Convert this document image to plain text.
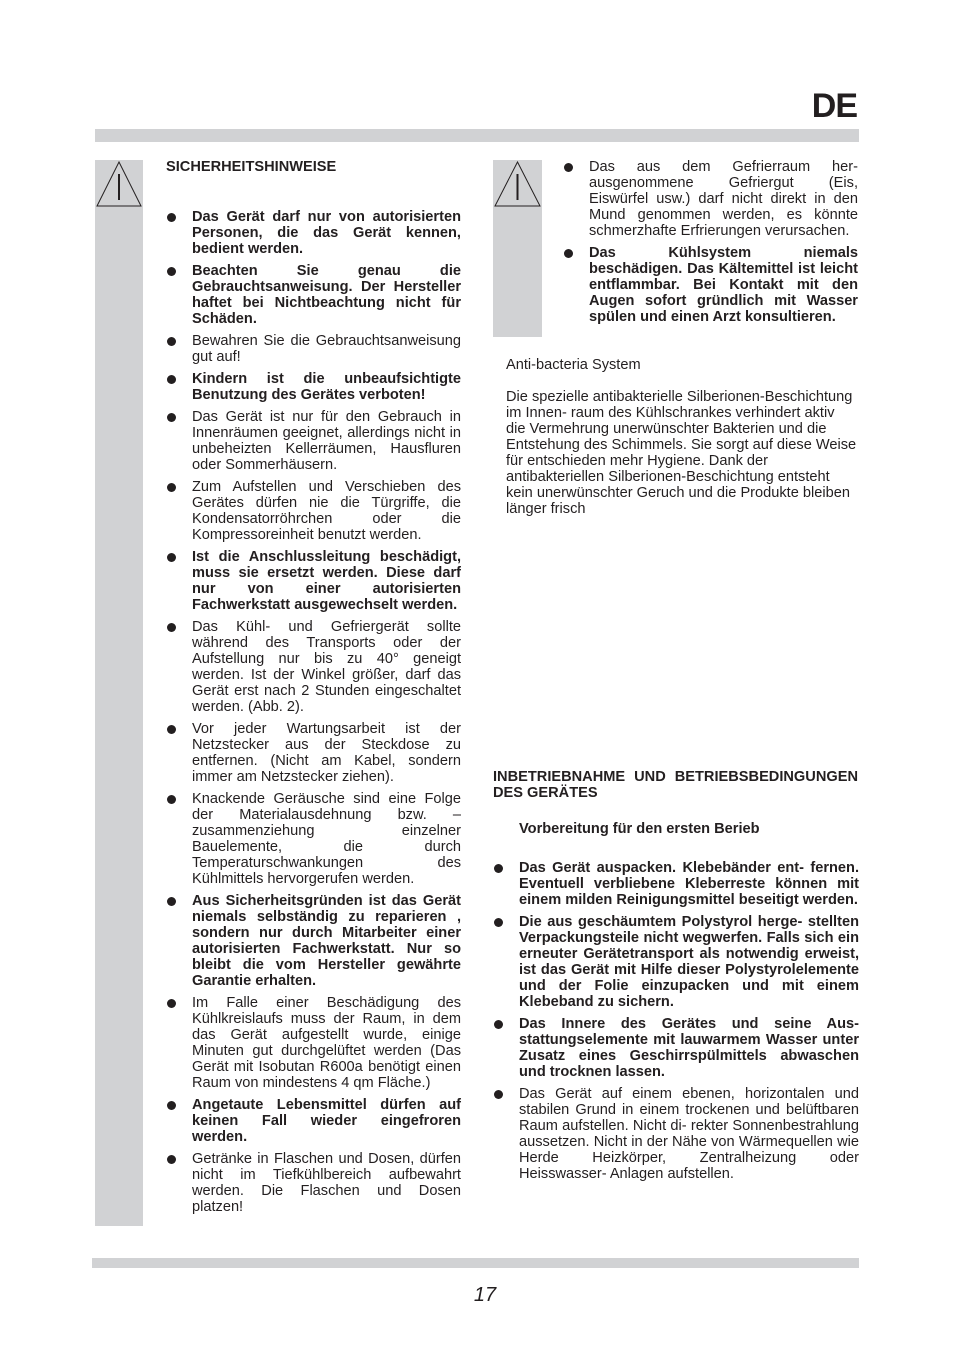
DE
SICHERHEITSHINWEISE
Das Gerät darf nur von autorisierten Personen, die das Gerät kennen, bedient werden.
Beachten Sie genau die Gebrauchtsanweisung. Der Hersteller haftet bei Nichtbeachtung nicht für Schäden.
Bewahren Sie die Gebrauchtsanweisung gut auf!
Kindern ist die unbeaufsichtigte Benutzung des Gerätes verboten!
Das Gerät ist nur für den Gebrauch in Innenräumen geeignet, allerdings nicht in unbeheizten Kellerräumen, Hausfluren oder Sommerhäusern.
Zum Aufstellen und Verschieben des Gerätes dürfen nie die Türgriffe, die Kondensatorröhrchen oder die Kompressoreinheit benutzt werden.
Ist die Anschlussleitung beschädigt, muss sie ersetzt werden. Diese darf nur von einer autorisierten Fachwerkstatt ausgewechselt werden.
Das Kühl- und Gefriergerät sollte während des Transports oder der Aufstellung nur bis zu 40° geneigt werden. Ist der Winkel größer, darf das Gerät erst nach 2 Stunden eingeschaltet werden. (Abb. 2).
Vor jeder Wartungsarbeit ist der Netzstecker aus der Steckdose zu entfernen. (Nicht am Kabel, sondern immer am Netzstecker ziehen).
Knackende Geräusche sind eine Folge der Materialausdehnung bzw. –zusammenziehung einzelner Bauelemente, die durch Temperaturschwankungen des Kühlmittels hervorgerufen werden.
Aus Sicherheitsgründen ist das Gerät niemals selbständig zu reparieren , sondern nur durch Mitarbeiter einer autorisierten Fachwerkstatt. Nur so bleibt die vom Hersteller gewährte Garantie erhalten.
Im Falle einer Beschädigung des Kühlkreislaufs muss der Raum, in dem das Gerät aufgestellt wurde, einige Minuten gut durchgelüftet werden (Das Gerät mit Isobutan R600a benötigt einen Raum von mindestens 4 qm Fläche.)
Angetaute Lebensmittel dürfen auf keinen Fall wieder eingefroren werden.
Getränke in Flaschen und Dosen, dürfen nicht im Tiefkühlbereich aufbewahrt werden. Die Flaschen und Dosen platzen!
Das aus dem Gefrierraum her- ausgenommene Gefriergut (Eis, Eiswürfel usw.) darf nicht direkt in den Mund genommen werden, es könnte schmerzhafte Erfrierungen verursachen.
Das Kühlsystem niemals beschädigen. Das Kältemittel ist leicht entflammbar. Bei Kontakt mit den Augen sofort gründlich mit Wasser spülen und einen Arzt konsultieren.
Anti-bacteria System
Die spezielle antibakterielle Silberionen-Beschichtung im Innen- raum des Kühlschrankes verhindert aktiv die Vermehrung unerwünschter Bakterien und die Entstehung des Schimmels. Sie sorgt auf diese Weise für entschieden mehr Hygiene. Dank der antibakteriellen Silberionen-Beschichtung entsteht kein unerwünschter Geruch und die Produkte bleiben länger frisch
INBETRIEBNAHME UND BETRIEBSBEDINGUNGEN DES GERÄTES
Vorbereitung für den ersten Berieb
Das Gerät auspacken. Klebebänder ent- fernen. Eventuell verbliebene Kleberreste können mit einem milden Reinigungsmittel beseitigt werden.
Die aus geschäumtem Polystyrol herge- stellten Verpackungsteile nicht wegwerfen. Falls sich ein erneuter Gerätetransport als notwendig erweist, ist das Gerät mit Hilfe dieser Polystyrolelemente und der Folie einzupacken und mit einem Klebeband zu sichern.
Das Innere des Gerätes und seine Aus- stattungselemente mit lauwarmem Wasser unter Zusatz eines Geschirrspülmittels abwaschen und trocknen lassen.
Das Gerät auf einem ebenen, horizontalen und stabilen Grund in einem trockenen und belüftbaren Raum aufstellen. Nicht di- rekter Sonnenbestrahlung aussetzen. Nicht in der Nähe von Wärmequellen wie Herde Heizkörper, Zentralheizung oder Heisswasser- Anlagen aufstellen.
17
